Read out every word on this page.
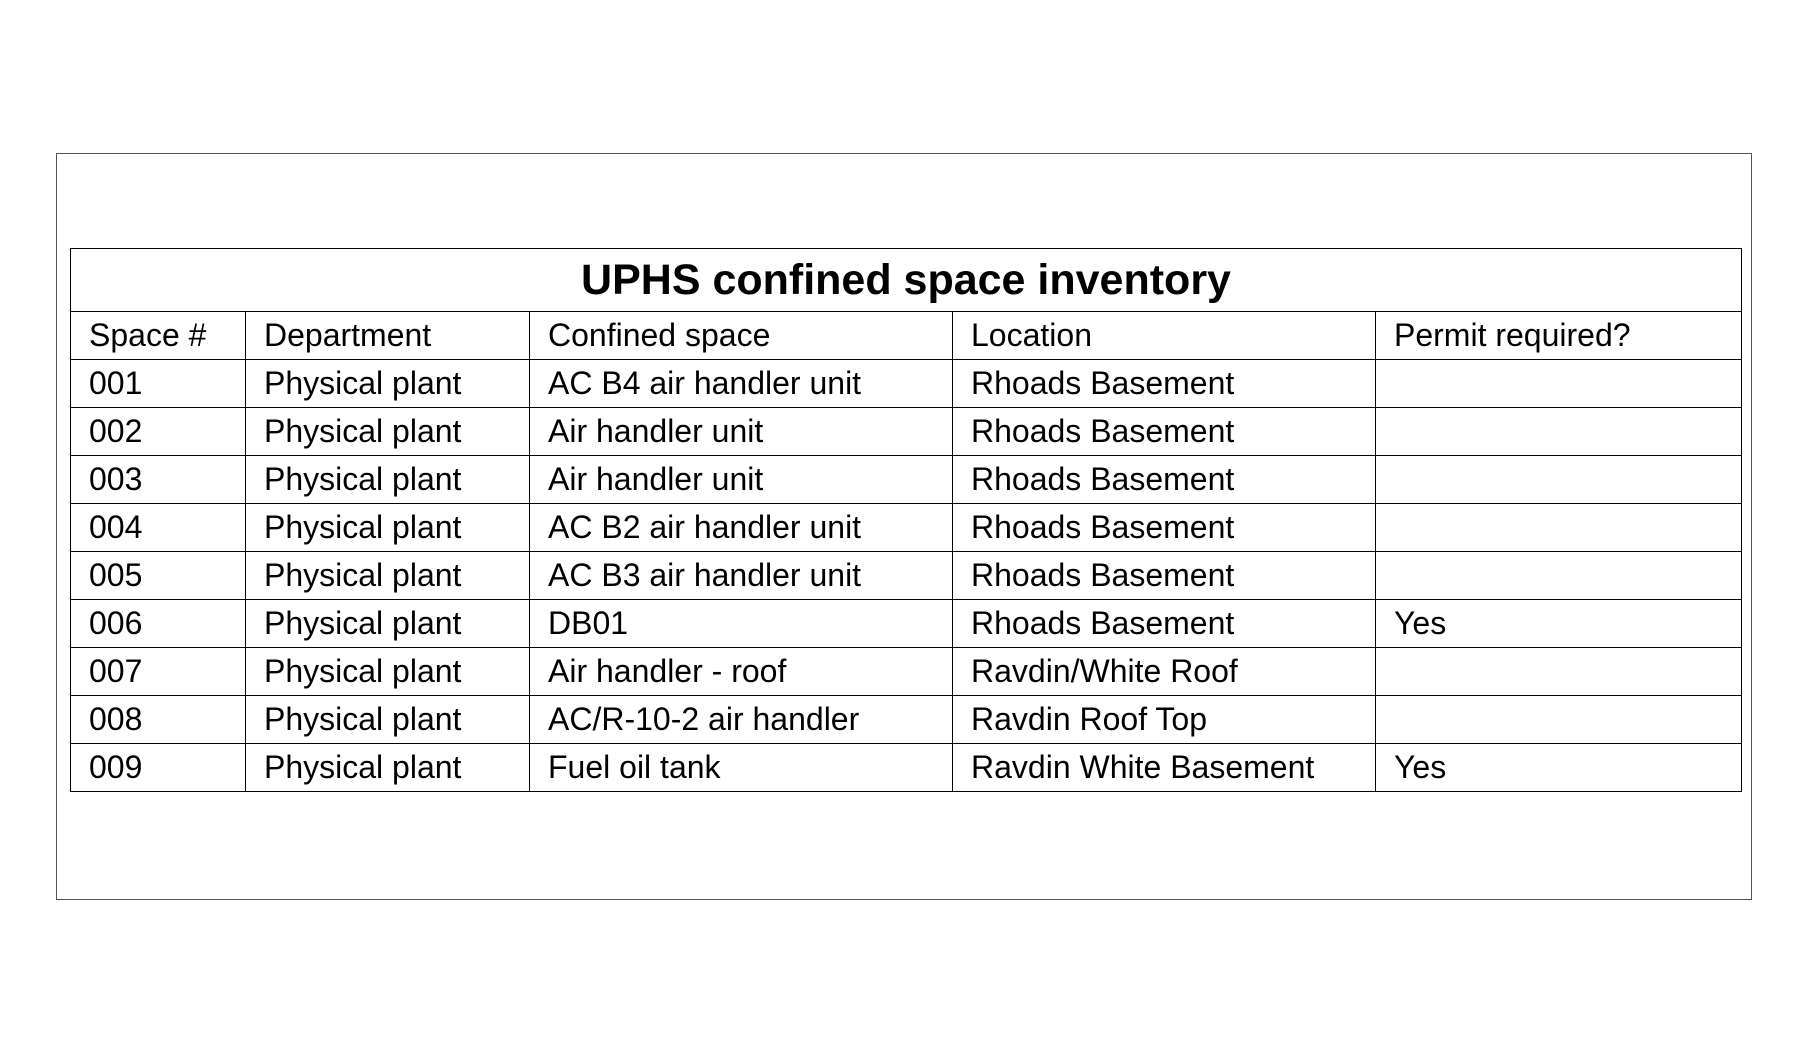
UPHS confined space inventory				
Space #	Department	Confined space	Location	Permit required?
001	Physical plant	AC B4 air handler unit	Rhoads Basement	
002	Physical plant	Air handler unit	Rhoads Basement	
003	Physical plant	Air handler unit	Rhoads Basement	
004	Physical plant	AC B2 air handler unit	Rhoads Basement	
005	Physical plant	AC B3 air handler unit	Rhoads Basement	
006	Physical plant	DB01	Rhoads Basement	Yes
007	Physical plant	Air handler - roof	Ravdin/White Roof	
008	Physical plant	AC/R-10-2 air handler	Ravdin Roof Top	
009	Physical plant	Fuel oil tank	Ravdin White Basement	Yes
